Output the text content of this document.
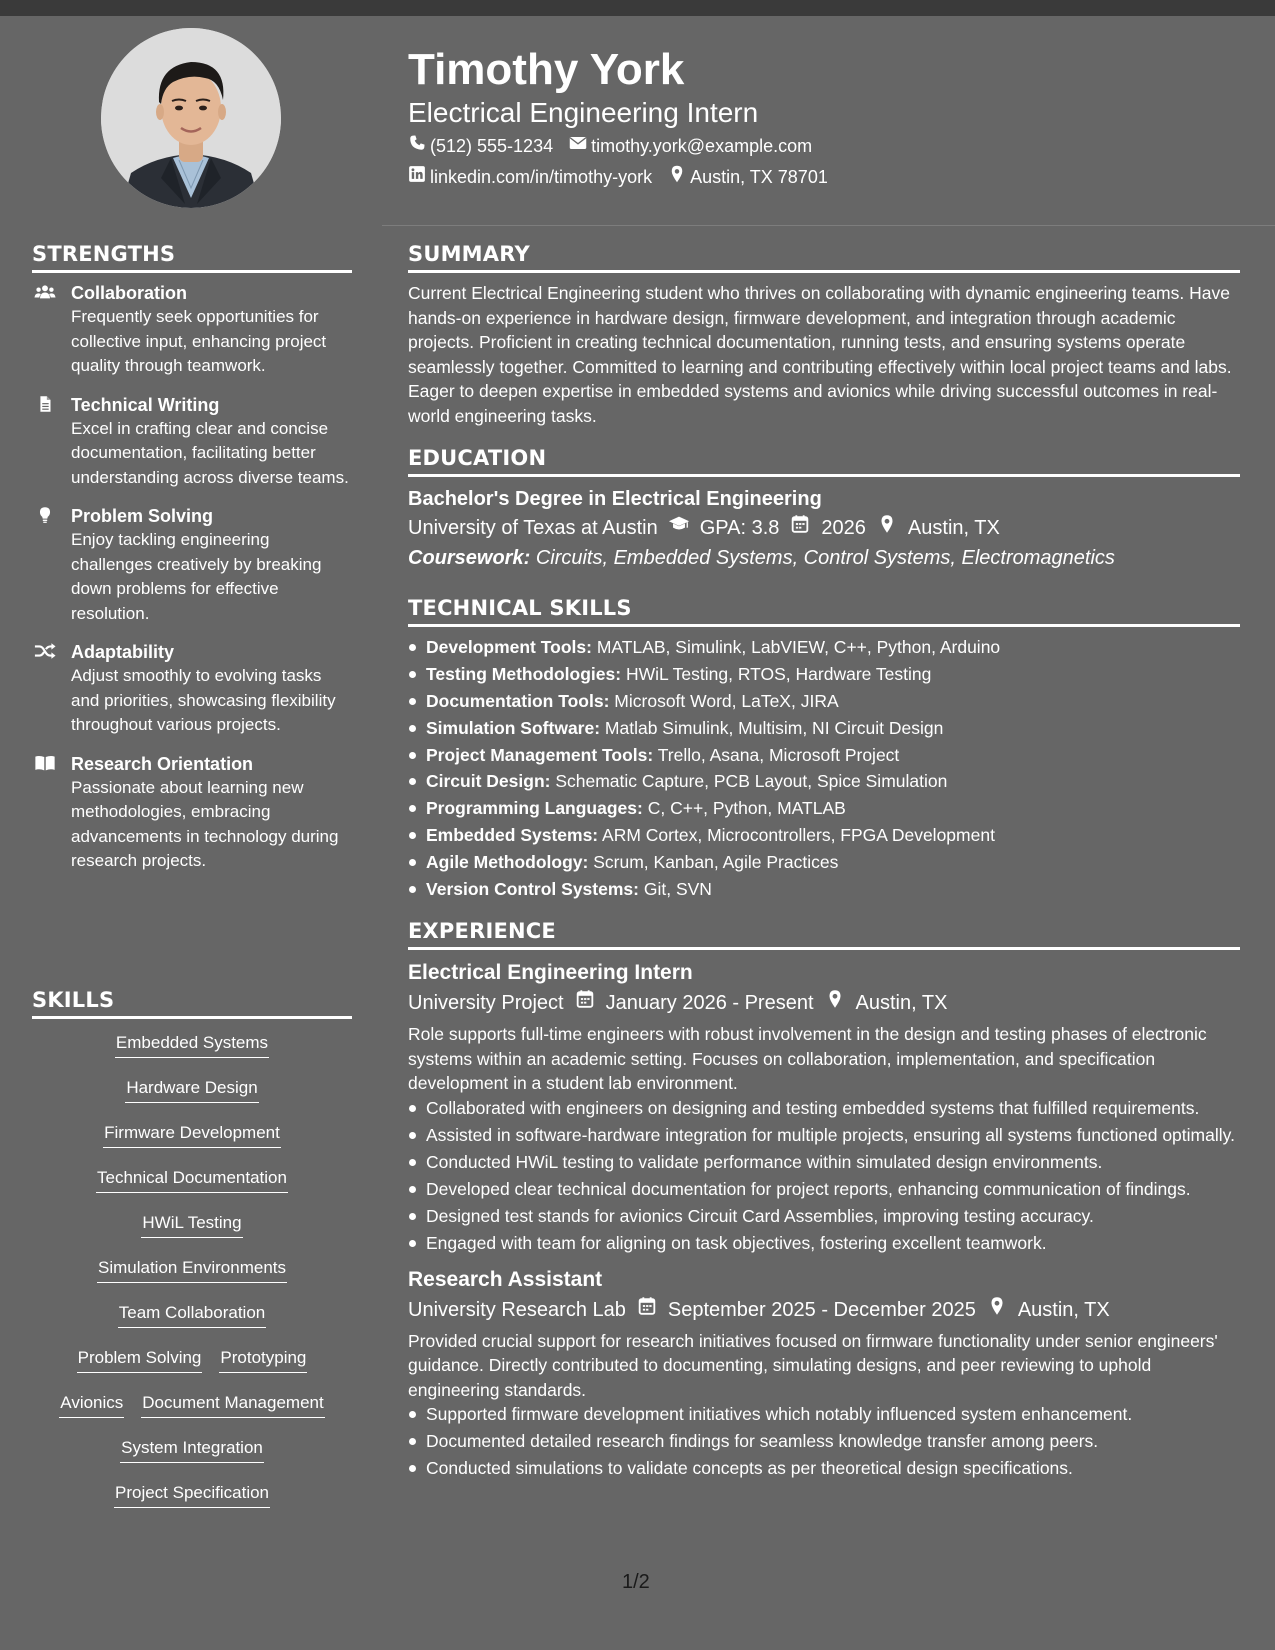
STRENGTHS
Collaboration
Frequently seek opportunities for collective input, enhancing project quality through teamwork.
Technical Writing
Excel in crafting clear and concise documentation, facilitating better understanding across diverse teams.
Problem Solving
Enjoy tackling engineering challenges creatively by breaking down problems for effective resolution.
Adaptability
Adjust smoothly to evolving tasks and priorities, showcasing flexibility throughout various projects.
Research Orientation
Passionate about learning new methodologies, embracing advancements in technology during research projects.
SKILLS
Embedded Systems
Hardware Design
Firmware Development
Technical Documentation
HWiL Testing
Simulation Environments
Team Collaboration
Problem Solving Prototyping
Avionics Document Management
System Integration
Project Specification
Timothy York
Electrical Engineering Intern
(512) 555-1234 timothy.york@example.com
linkedin.com/in/timothy-york Austin, TX 78701
SUMMARY
Current Electrical Engineering student who thrives on collaborating with dynamic engineering teams. Have hands-on experience in hardware design, firmware development, and integration through academic projects. Proficient in creating technical documentation, running tests, and ensuring systems operate seamlessly together. Committed to learning and contributing effectively within local project teams and labs. Eager to deepen expertise in embedded systems and avionics while driving successful outcomes in real-world engineering tasks.
EDUCATION
Bachelor's Degree in Electrical Engineering
University of Texas at Austin GPA: 3.8 2026 Austin, TX
Coursework: Circuits, Embedded Systems, Control Systems, Electromagnetics
TECHNICAL SKILLS
Development Tools: MATLAB, Simulink, LabVIEW, C++, Python, Arduino
Testing Methodologies: HWiL Testing, RTOS, Hardware Testing
Documentation Tools: Microsoft Word, LaTeX, JIRA
Simulation Software: Matlab Simulink, Multisim, NI Circuit Design
Project Management Tools: Trello, Asana, Microsoft Project
Circuit Design: Schematic Capture, PCB Layout, Spice Simulation
Programming Languages: C, C++, Python, MATLAB
Embedded Systems: ARM Cortex, Microcontrollers, FPGA Development
Agile Methodology: Scrum, Kanban, Agile Practices
Version Control Systems: Git, SVN
EXPERIENCE
Electrical Engineering Intern
University Project January 2026 - Present Austin, TX
Role supports full-time engineers with robust involvement in the design and testing phases of electronic systems within an academic setting. Focuses on collaboration, implementation, and specification development in a student lab environment.
Collaborated with engineers on designing and testing embedded systems that fulfilled requirements.
Assisted in software-hardware integration for multiple projects, ensuring all systems functioned optimally.
Conducted HWiL testing to validate performance within simulated design environments.
Developed clear technical documentation for project reports, enhancing communication of findings.
Designed test stands for avionics Circuit Card Assemblies, improving testing accuracy.
Engaged with team for aligning on task objectives, fostering excellent teamwork.
Research Assistant
University Research Lab September 2025 - December 2025 Austin, TX
Provided crucial support for research initiatives focused on firmware functionality under senior engineers' guidance. Directly contributed to documenting, simulating designs, and peer reviewing to uphold engineering standards.
Supported firmware development initiatives which notably influenced system enhancement.
Documented detailed research findings for seamless knowledge transfer among peers.
Conducted simulations to validate concepts as per theoretical design specifications.
1/2
